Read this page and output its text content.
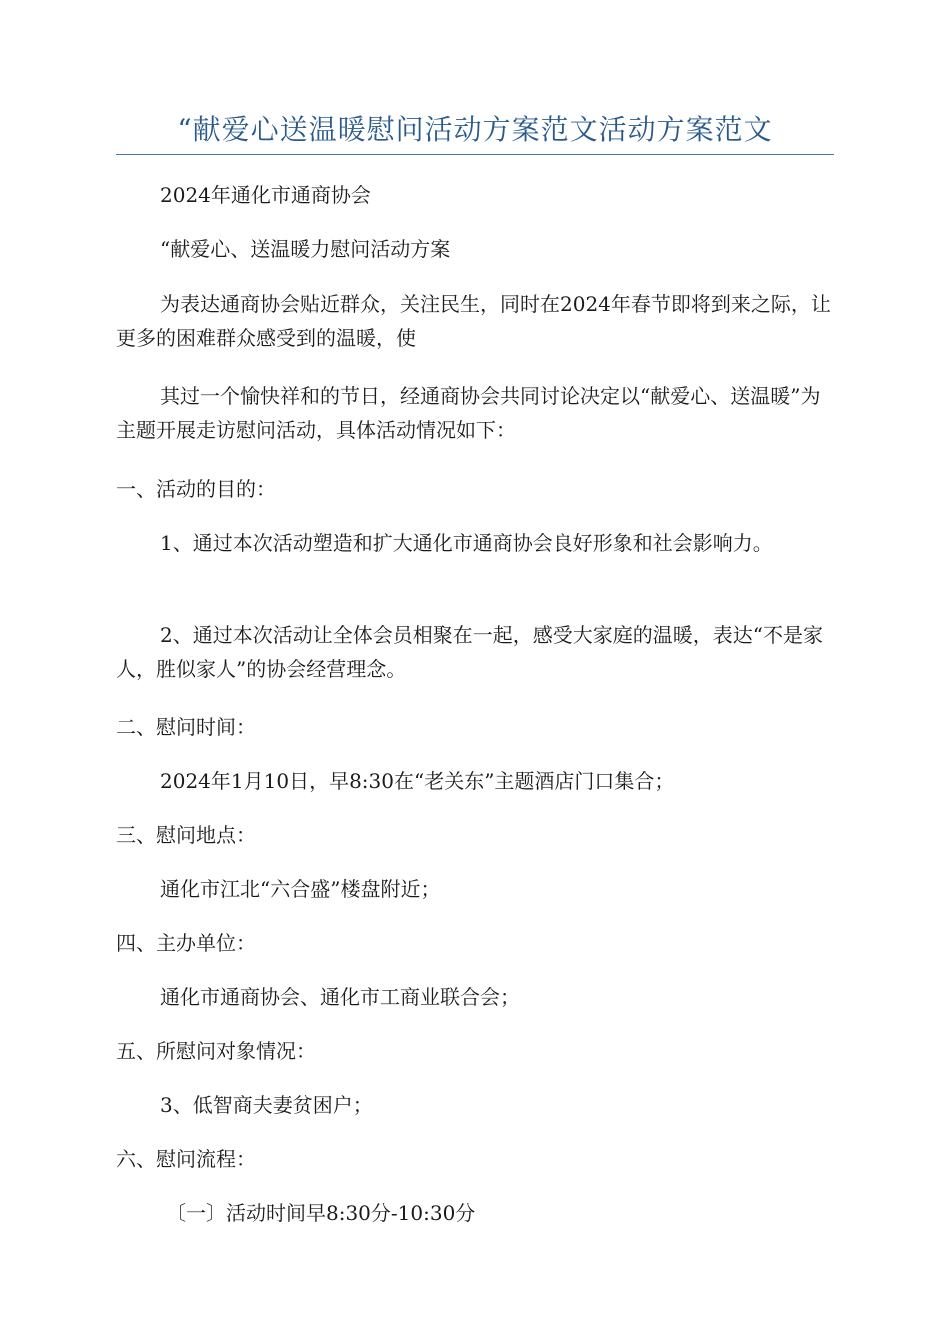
“献爱心送温暖慰问活动方案范文活动方案范文

2024年通化市通商协会

“献爱心、送温暖力慰问活动方案

为表达通商协会贴近群众，关注民生，同时在2024年春节即将到来之际，让更多的困难群众感受到的温暖，使

其过一个愉快祥和的节日，经通商协会共同讨论决定以“献爱心、送温暖”为主题开展走访慰问活动，具体活动情况如下：

一、活动的目的：

1、通过本次活动塑造和扩大通化市通商协会良好形象和社会影响力。

2、通过本次活动让全体会员相聚在一起，感受大家庭的温暖，表达“不是家人，胜似家人”的协会经营理念。

二、慰问时间：

2024年1月10日，早8:30在“老关东”主题酒店门口集合；

三、慰问地点：

通化市江北“六合盛”楼盘附近；

四、主办单位：

通化市通商协会、通化市工商业联合会；

五、所慰问对象情况：

3、低智商夫妻贫困户；

六、慰问流程：

〔一〕活动时间早8:30分-10:30分
